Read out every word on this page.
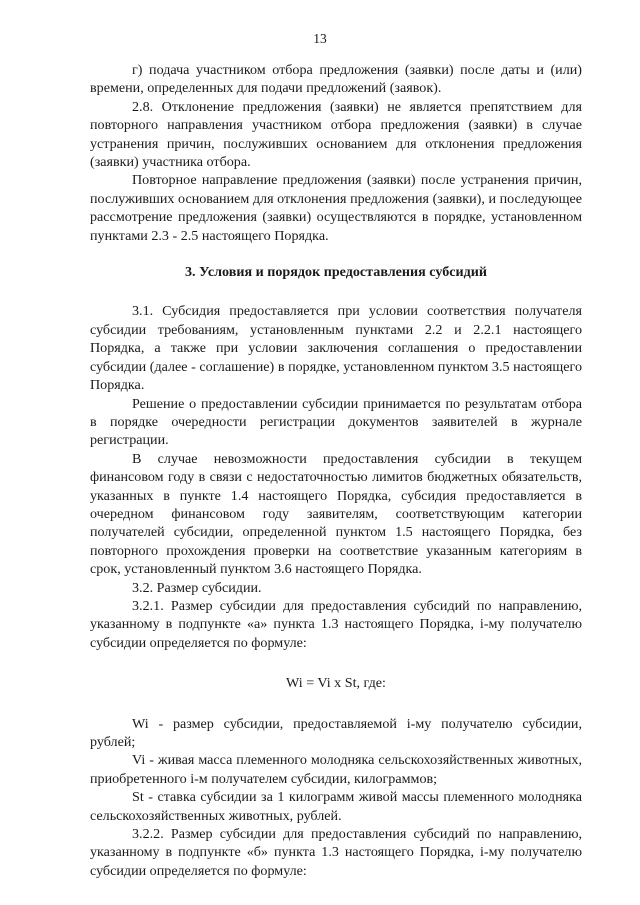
13

г) подача участником отбора предложения (заявки) после даты и (или) времени, определенных для подачи предложений (заявок).

2.8. Отклонение предложения (заявки) не является препятствием для повторного направления участником отбора предложения (заявки) в случае устранения причин, послуживших основанием для отклонения предложения (заявки) участника отбора.

Повторное направление предложения (заявки) после устранения причин, послуживших основанием для отклонения предложения (заявки), и последующее рассмотрение предложения (заявки) осуществляются в порядке, установленном пунктами 2.3 - 2.5 настоящего Порядка.

3. Условия и порядок предоставления субсидий

3.1. Субсидия предоставляется при условии соответствия получателя субсидии требованиям, установленным пунктами 2.2 и 2.2.1 настоящего Порядка, а также при условии заключения соглашения о предоставлении субсидии (далее - соглашение) в порядке, установленном пунктом 3.5 настоящего Порядка.

Решение о предоставлении субсидии принимается по результатам отбора в порядке очередности регистрации документов заявителей в журнале регистрации.

В случае невозможности предоставления субсидии в текущем финансовом году в связи с недостаточностью лимитов бюджетных обязательств, указанных в пункте 1.4 настоящего Порядка, субсидия предоставляется в очередном финансовом году заявителям, соответствующим категории получателей субсидии, определенной пунктом 1.5 настоящего Порядка, без повторного прохождения проверки на соответствие указанным категориям в срок, установленный пунктом 3.6 настоящего Порядка.

3.2. Размер субсидии.

3.2.1. Размер субсидии для предоставления субсидий по направлению, указанному в подпункте «а» пункта 1.3 настоящего Порядка, i-му получателю субсидии определяется по формуле:

Wi = Vi x St, где:

Wi - размер субсидии, предоставляемой i-му получателю субсидии, рублей;

Vi - живая масса племенного молодняка сельскохозяйственных животных, приобретенного i-м получателем субсидии, килограммов;

St - ставка субсидии за 1 килограмм живой массы племенного молодняка сельскохозяйственных животных, рублей.

3.2.2. Размер субсидии для предоставления субсидий по направлению, указанному в подпункте «б» пункта 1.3 настоящего Порядка, i-му получателю субсидии определяется по формуле:
